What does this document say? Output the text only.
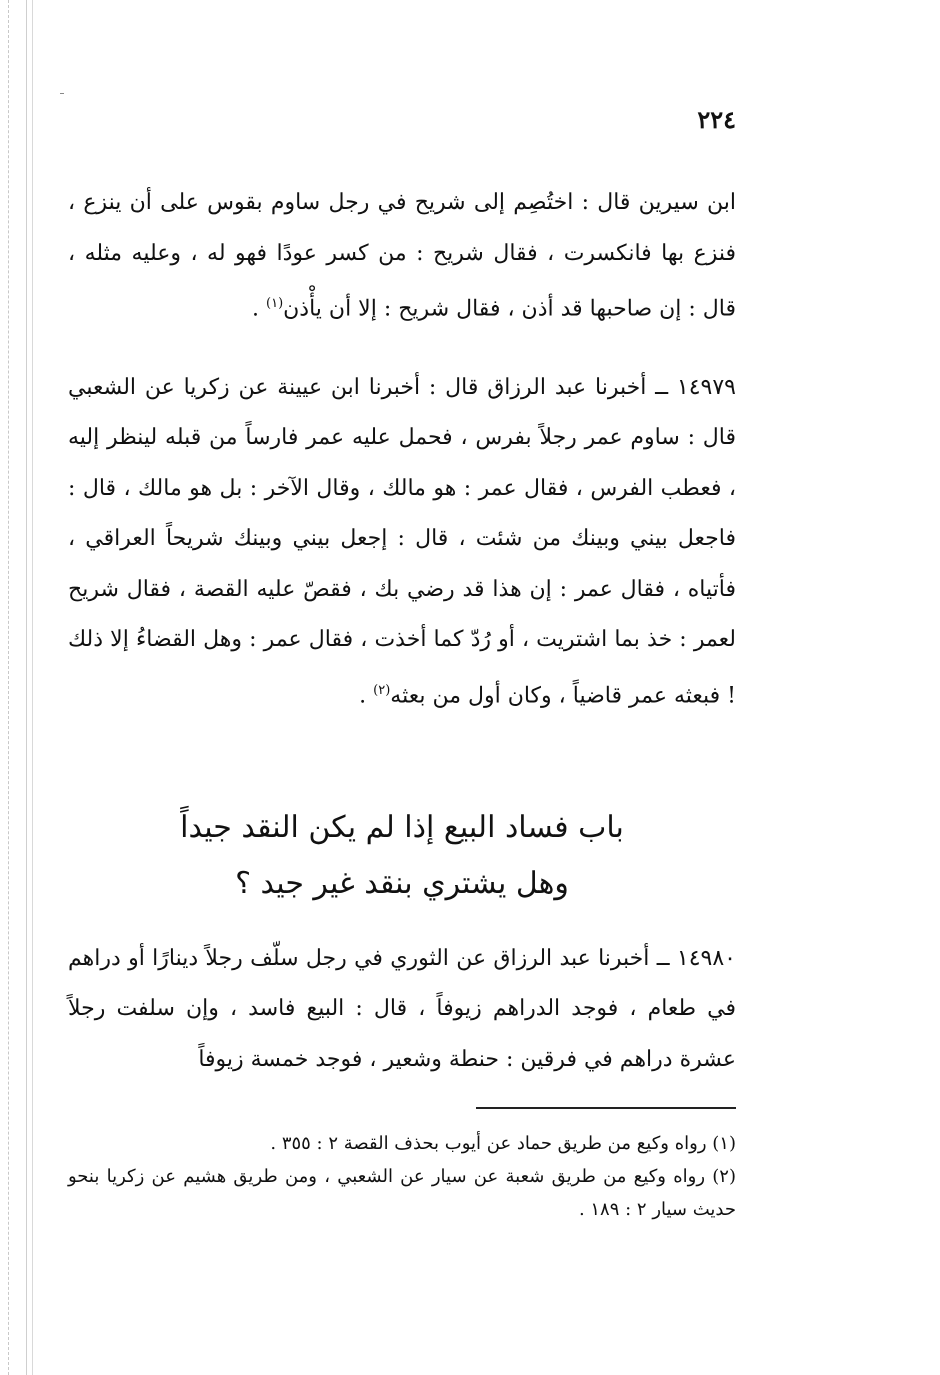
٢٢٤

ابن سيرين قال : اختُصِم إلى شريح في رجل ساوم بقوس على أن ينزع ، فنزع بها فانكسرت ، فقال شريح : من كسر عودًا فهو له ، وعليه مثله ، قال : إن صاحبها قد أذن ، فقال شريح : إلا أن يأْذن$^{(١)}$ .

١٤٩٧٩ ــ أخبرنا عبد الرزاق قال : أخبرنا ابن عيينة عن زكريا عن الشعبي قال : ساوم عمر رجلاً بفرس ، فحمل عليه عمر فارساً من قبله لينظر إليه ، فعطب الفرس ، فقال عمر : هو مالك ، وقال الآخر : بل هو مالك ، قال : فاجعل بيني وبينك من شئت ، قال : إجعل بيني وبينك شريحاً العراقي ، فأتياه ، فقال عمر : إن هذا قد رضي بك ، فقصّ عليه القصة ، فقال شريح لعمر : خذ بما اشتريت ، أو رُدّ كما أخذت ، فقال عمر : وهل القضاءُ إلا ذلك ! فبعثه عمر قاضياً ، وكان أول من بعثه$^{(٢)}$ .

باب فساد البيع إذا لم يكن النقد جيداً
وهل يشتري بنقد غير جيد ؟

١٤٩٨٠ ــ أخبرنا عبد الرزاق عن الثوري في رجل سلّف رجلاً دينارًا أو دراهم في طعام ، فوجد الدراهم زيوفاً ، قال : البيع فاسد ، وإن سلفت رجلاً عشرة دراهم في فرقين : حنطة وشعير ، فوجد خمسة زيوفاً

(١) رواه وكيع من طريق حماد عن أيوب بحذف القصة ٢ : ٣٥٥ .

(٢) رواه وكيع من طريق شعبة عن سيار عن الشعبي ، ومن طريق هشيم عن زكريا بنحو حديث سيار ٢ : ١٨٩ .
